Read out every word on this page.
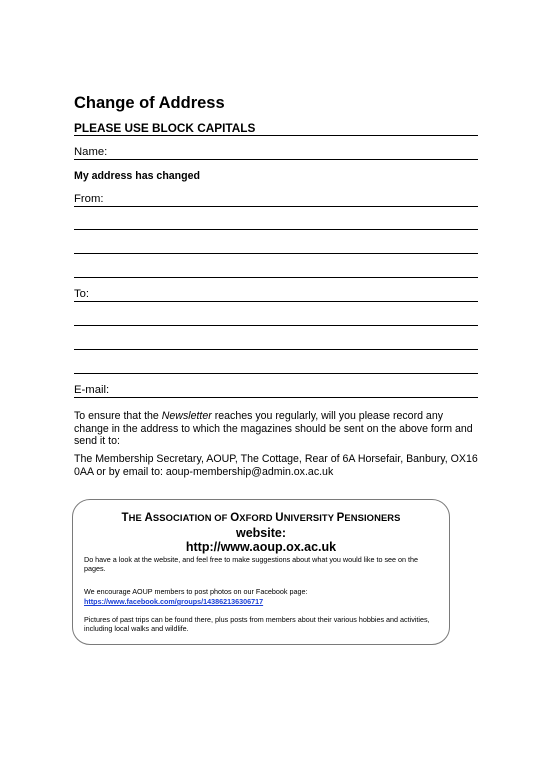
Change of Address
PLEASE USE BLOCK CAPITALS
Name:
My address has changed
From:
To:
E-mail:
To ensure that the Newsletter reaches you regularly, will you please record any change in the address to which the magazines should be sent on the above form and send it to:
The Membership Secretary, AOUP, The Cottage, Rear of 6A Horsefair, Banbury, OX16 0AA or by email to: aoup-membership@admin.ox.ac.uk
THE ASSOCIATION OF OXFORD UNIVERSITY PENSIONERS
website:
http://www.aoup.ox.ac.uk
Do have a look at the website, and feel free to make suggestions about what you would like to see on the pages.
We encourage AOUP members to post photos on our Facebook page:
https://www.facebook.com/groups/143862136306717
Pictures of past trips can be found there, plus posts from members about their various hobbies and activities, including local walks and wildlife.
